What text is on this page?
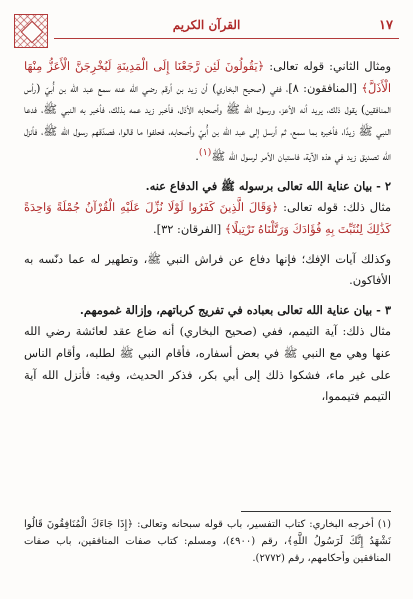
القرآن الكريم	١٧

ومثال الثاني: قوله تعالى: ﴿يَقُولُونَ لَئِن رَّجَعْنَا إِلَى الْمَدِينَةِ لَيُخْرِجَنَّ الْأَعَزُّ مِنْهَا الْأَذَلَّ﴾ [المنافقون: ٨]، ففي (صحيح البخاري) أن زيد بن أرقم رضي الله عنه سمع عبد الله بن أُبيّ (رأس المنافقين) يقول ذلك، يريد أنه الأعز، ورسول الله ﷺ وأصحابه الأذل، فأخبر زيد عمه بذلك، فأخبر به النبي ﷺ، فدعا النبي ﷺ زيدًا، فأخبره بما سمع، ثم أرسل إلى عبد الله بن أُبيّ وأصحابه، فحلفوا ما قالوا، فصدّقهم رسول الله ﷺ، فأنزل الله تصديق زيد في هذه الآية، فاستبان الأمر لرسول الله ﷺ$^{(١)}$.

٢ - بيان عناية الله تعالى برسوله ﷺ في الدفاع عنه.

مثال ذلك: قوله تعالى: ﴿وَقَالَ الَّذِينَ كَفَرُوا لَوْلَا نُزِّلَ عَلَيْهِ الْقُرْآنُ جُمْلَةً وَاحِدَةً كَذَٰلِكَ لِنُثَبِّتَ بِهِ فُؤَادَكَ وَرَتَّلْنَاهُ تَرْتِيلًا﴾ [الفرقان: ٣٢].

وكذلك آيات الإفك؛ فإنها دفاع عن فراش النبي ﷺ، وتطهير له عما دنّسه به الأفاكون.

٣ - بيان عناية الله تعالى بعباده في تفريج كرباتهم، وإزالة غمومهم.

مثال ذلك: آية التيمم، ففي (صحيح البخاري) أنه ضاع عقد لعائشة رضي الله عنها وهي مع النبي ﷺ في بعض أسفاره، فأقام النبي ﷺ لطلبه، وأقام الناس على غير ماء، فشكوا ذلك إلى أبي بكر، فذكر الحديث، وفيه: فأنزل الله آية التيمم فتيمموا،

(١) أخرجه البخاري: كتاب التفسير، باب قوله سبحانه وتعالى: ﴿إِذَا جَاءَكَ الْمُنَافِقُونَ قَالُوا نَشْهَدُ إِنَّكَ لَرَسُولُ اللَّهِ﴾، رقم (٤٩٠٠)، ومسلم: كتاب صفات المنافقين، باب صفات المنافقين وأحكامهم، رقم (٢٧٧٢).
